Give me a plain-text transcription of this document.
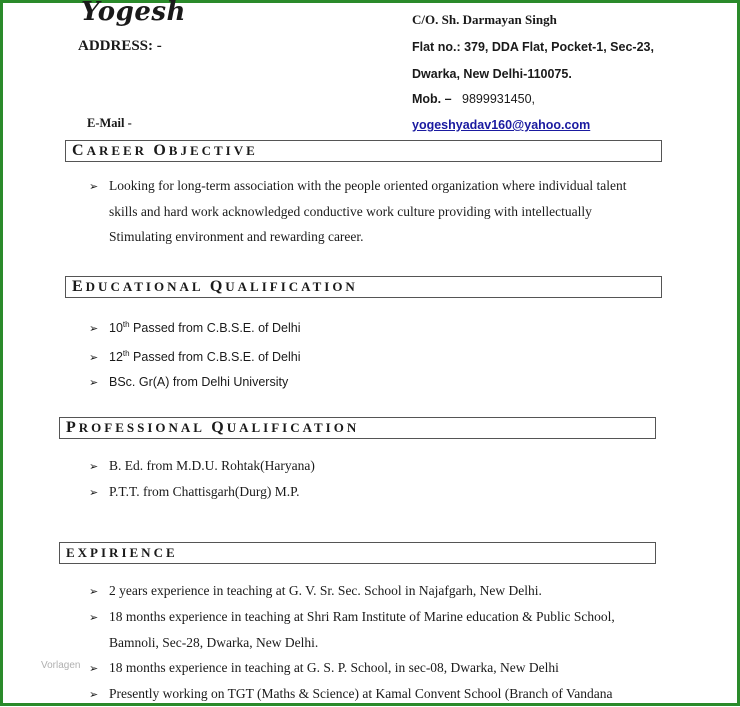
Yogesh
ADDRESS: -
E-Mail -
C/O. Sh. Darmayan Singh
Flat no.: 379, DDA Flat, Pocket-1, Sec-23,
Dwarka, New Delhi-110075.
Mob. – 9899931450,
yogeshyadav160@yahoo.com
C AREER
O BJECTIVE
➢ Looking for long-term association with the people oriented organization where individual talent
skills and hard work acknowledged conductive work culture providing with intellectually
Stimulating environment and rewarding career.
E DUCATIONAL
Q UALIFICATION
➢ 10th Passed from C.B.S.E. of Delhi
➢ 12th Passed from C.B.S.E. of Delhi
➢ BSc. Gr(A) from Delhi University
P ROFESSIONAL
Q UALIFICATION
➢ B. Ed. from M.D.U. Rohtak(Haryana)
➢ P.T.T. from Chattisgarh(Durg) M.P.
EXPIRIENCE
Vorlagen
➢ 2 years experience in teaching at G. V. Sr. Sec. School in Najafgarh, New Delhi.
➢ 18 months experience in teaching at Shri Ram Institute of Marine education & Public School,
Bamnoli, Sec-28, Dwarka, New Delhi.
➢ 18 months experience in teaching at G. S. P. School, in sec-08, Dwarka, New Delhi
➢ Presently working on TGT (Maths & Science) at Kamal Convent School (Branch of Vandana
